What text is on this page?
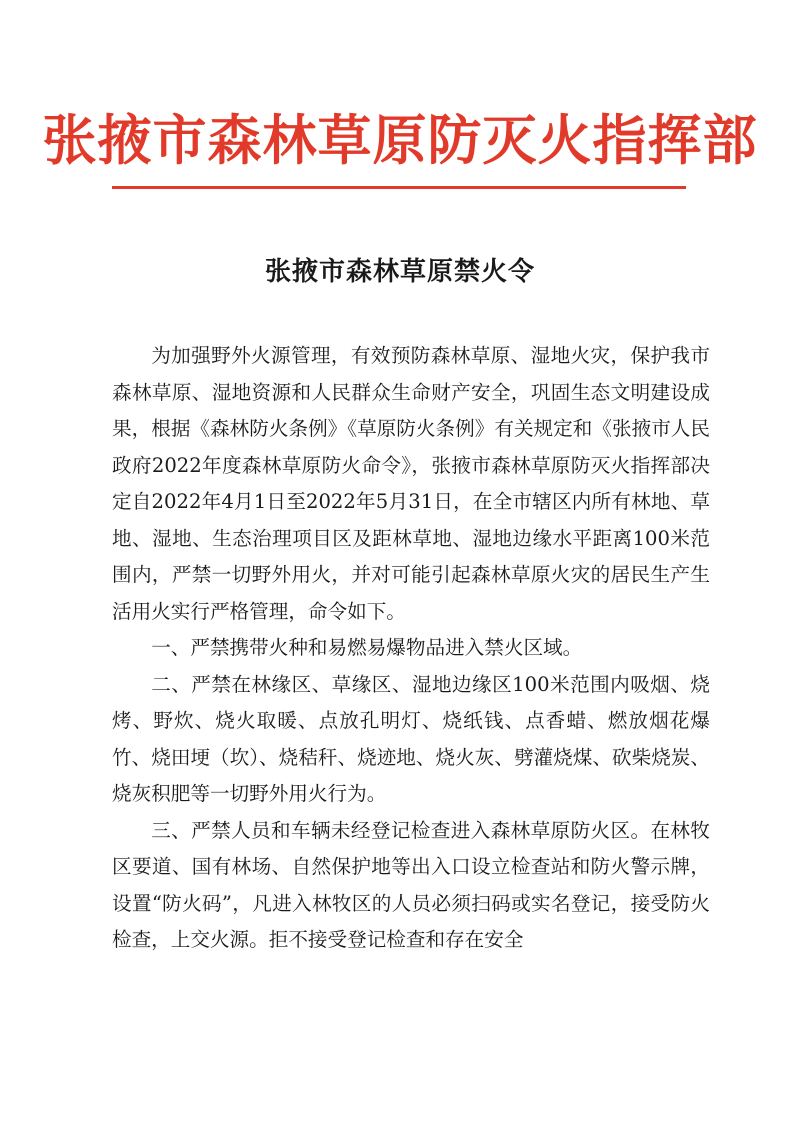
张掖市森林草原防灭火指挥部
张掖市森林草原禁火令

为加强野外火源管理，有效预防森林草原、湿地火灾，保护我市森林草原、湿地资源和人民群众生命财产安全，巩固生态文明建设成果，根据《森林防火条例》《草原防火条例》有关规定和《张掖市人民政府2022年度森林草原防火命令》，张掖市森林草原防灭火指挥部决定自2022年4月1日至2022年5月31日，在全市辖区内所有林地、草地、湿地、生态治理项目区及距林草地、湿地边缘水平距离100米范围内，严禁一切野外用火，并对可能引起森林草原火灾的居民生产生活用火实行严格管理，命令如下。

一、严禁携带火种和易燃易爆物品进入禁火区域。

二、严禁在林缘区、草缘区、湿地边缘区100米范围内吸烟、烧烤、野炊、烧火取暖、点放孔明灯、烧纸钱、点香蜡、燃放烟花爆竹、烧田埂（坎）、烧秸秆、烧迹地、烧火灰、劈灌烧煤、砍柴烧炭、烧灰积肥等一切野外用火行为。

三、严禁人员和车辆未经登记检查进入森林草原防火区。在林牧区要道、国有林场、自然保护地等出入口设立检查站和防火警示牌，设置“防火码”，凡进入林牧区的人员必须扫码或实名登记，接受防火检查，上交火源。拒不接受登记检查和存在安全
